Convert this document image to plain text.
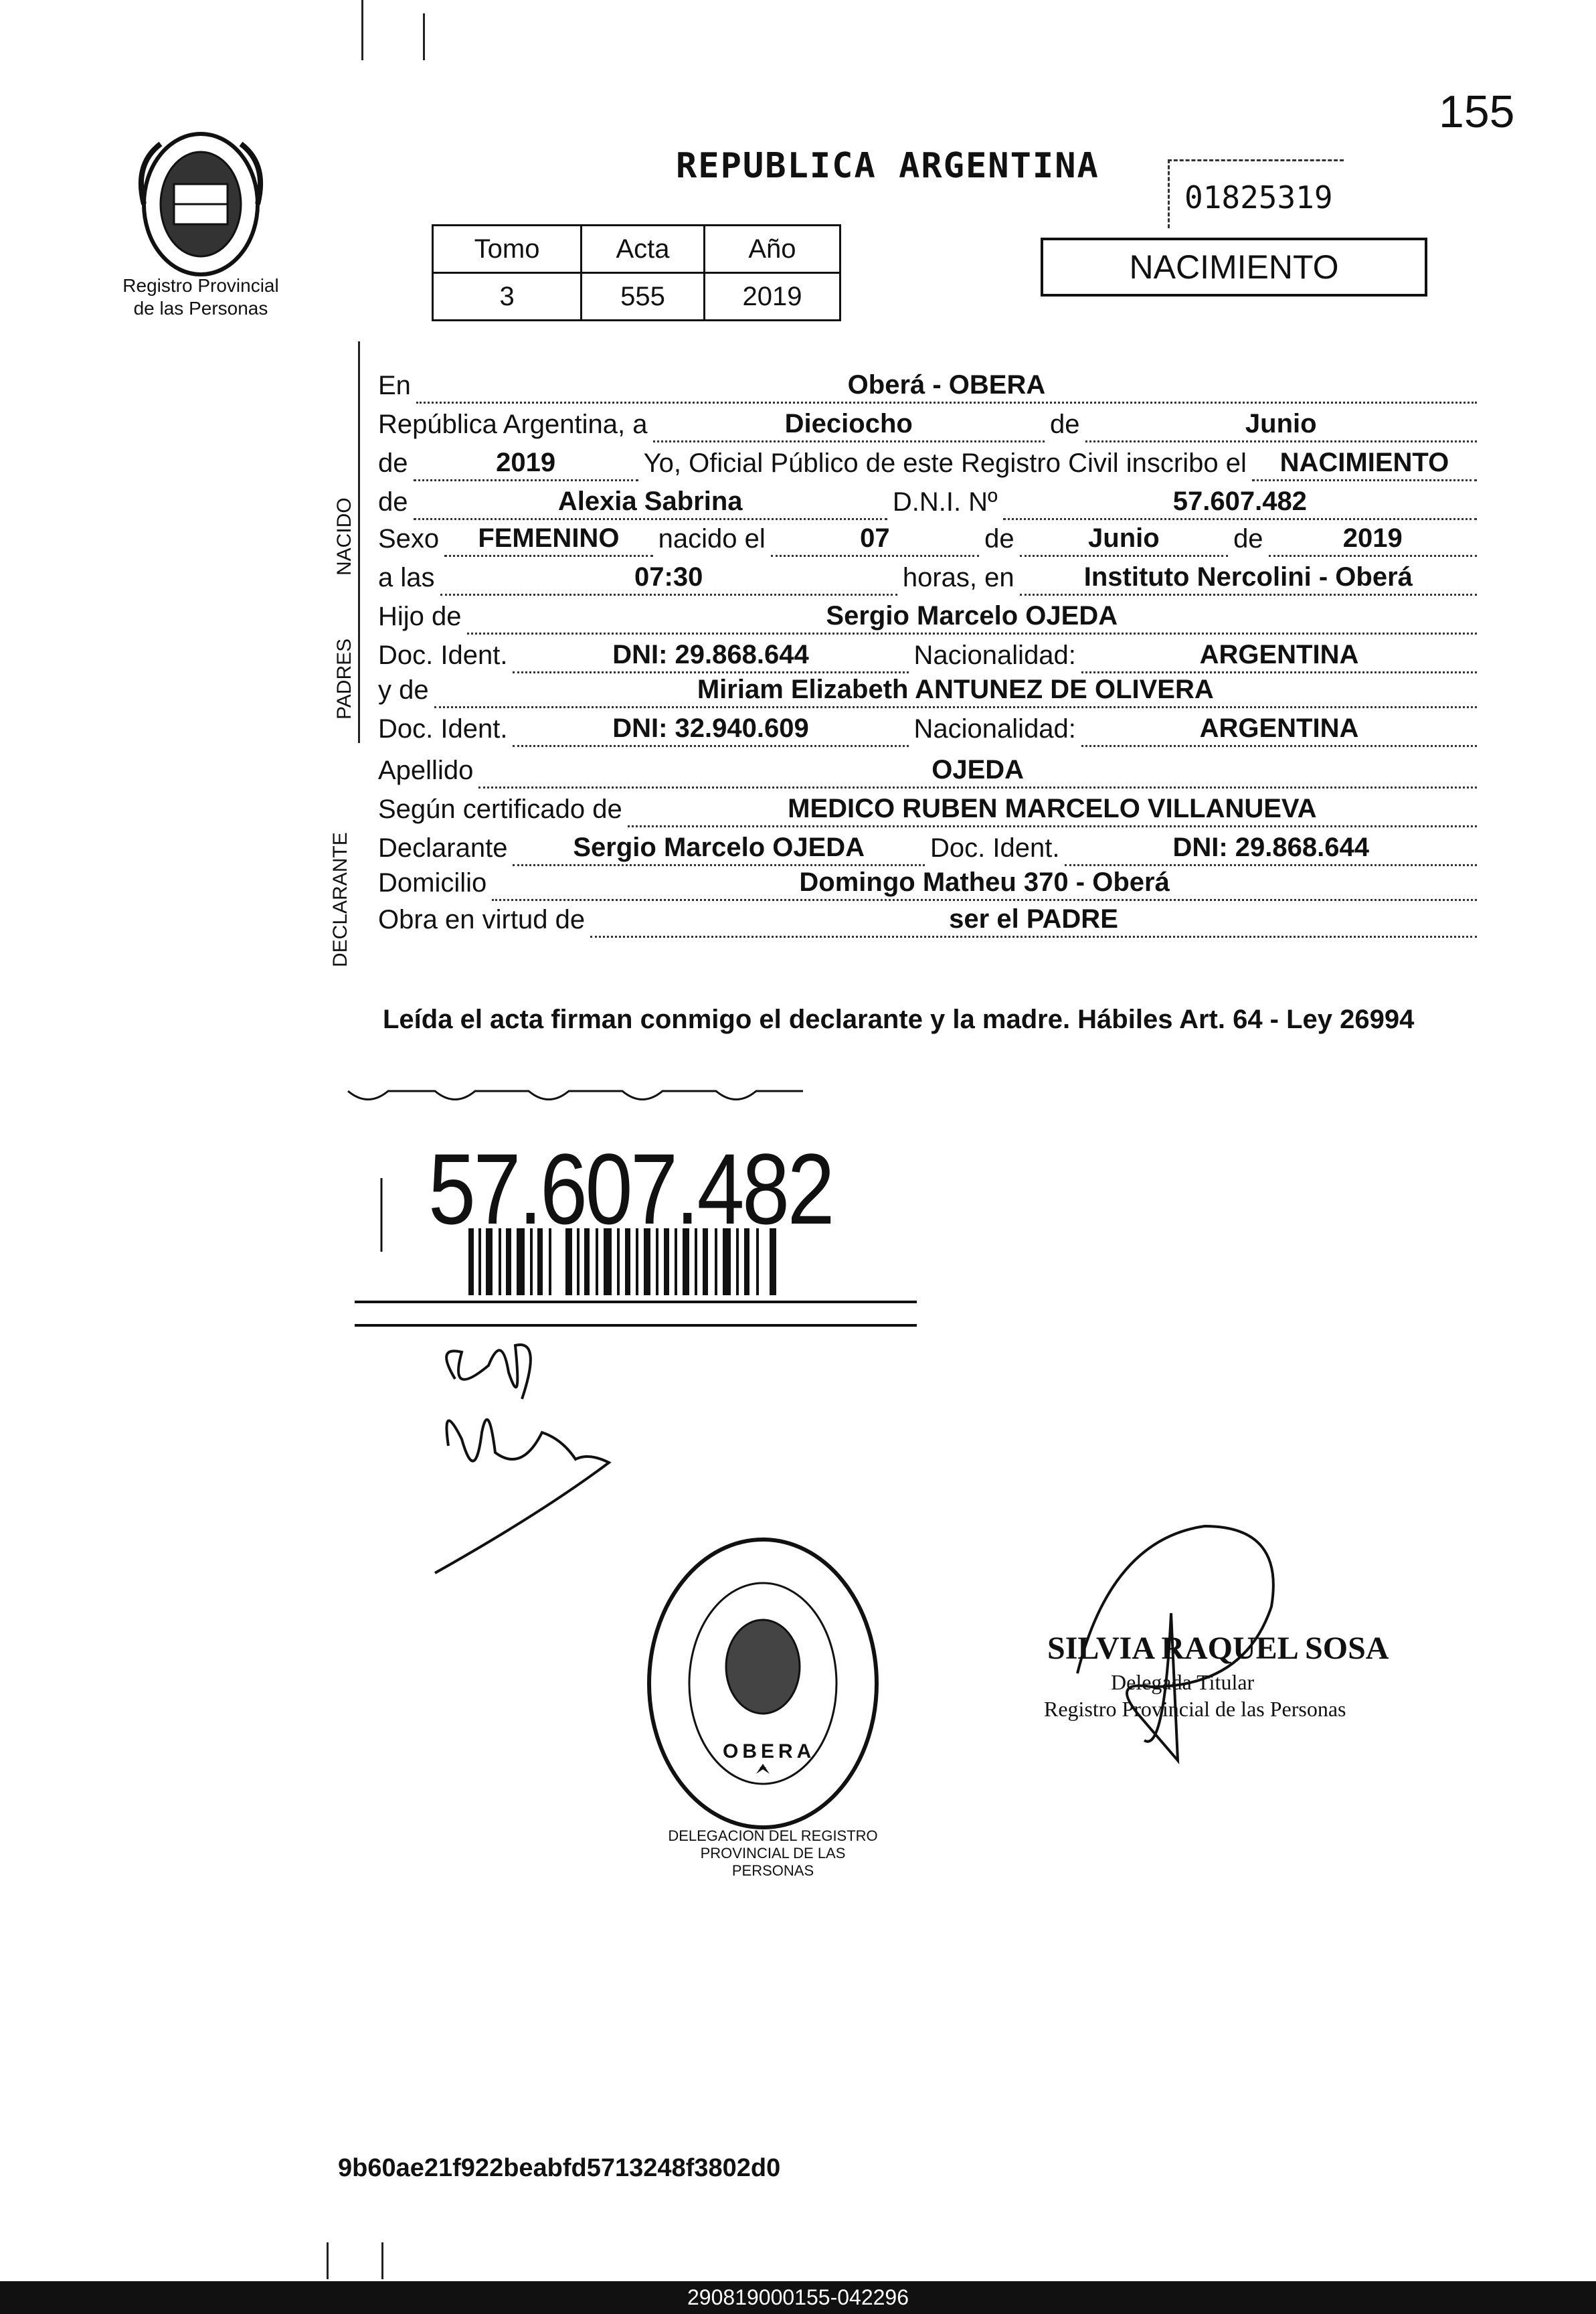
155
Registro Provincial
de las Personas
REPUBLICA ARGENTINA
01825319
Tomo	Acta	Año
3	555	2019
NACIMIENTO
NACIDO
PADRES
DECLARANTE
En	Oberá - OBERA
República Argentina, a	Dieciocho	de	Junio
de	2019	Yo, Oficial Público de este Registro Civil inscribo el	NACIMIENTO
de	Alexia Sabrina	D.N.I. Nº	57.607.482
Sexo	FEMENINO	nacido el	07	de	Junio	de	2019
a las	07:30	horas, en	Instituto Nercolini - Oberá
Hijo de	Sergio Marcelo OJEDA
Doc. Ident.	DNI: 29.868.644	Nacionalidad:	ARGENTINA
y de	Miriam Elizabeth ANTUNEZ DE OLIVERA
Doc. Ident.	DNI: 32.940.609	Nacionalidad:	ARGENTINA
Apellido	OJEDA
Según certificado de	MEDICO RUBEN MARCELO VILLANUEVA
Declarante	Sergio Marcelo OJEDA	Doc. Ident.	DNI: 29.868.644
Domicilio	Domingo Matheu 370 - Oberá
Obra en virtud de	ser el PADRE
Leída el acta firman conmigo el declarante y la madre. Hábiles Art. 64 - Ley 26994
57.607.482
DELEGACION DEL REGISTRO PROVINCIAL DE LAS PERSONAS
OBERA
SILVIA RAQUEL SOSA
Delegada Titular
Registro Provincial de las Personas
9b60ae21f922beabfd5713248f3802d0
290819000155-042296
